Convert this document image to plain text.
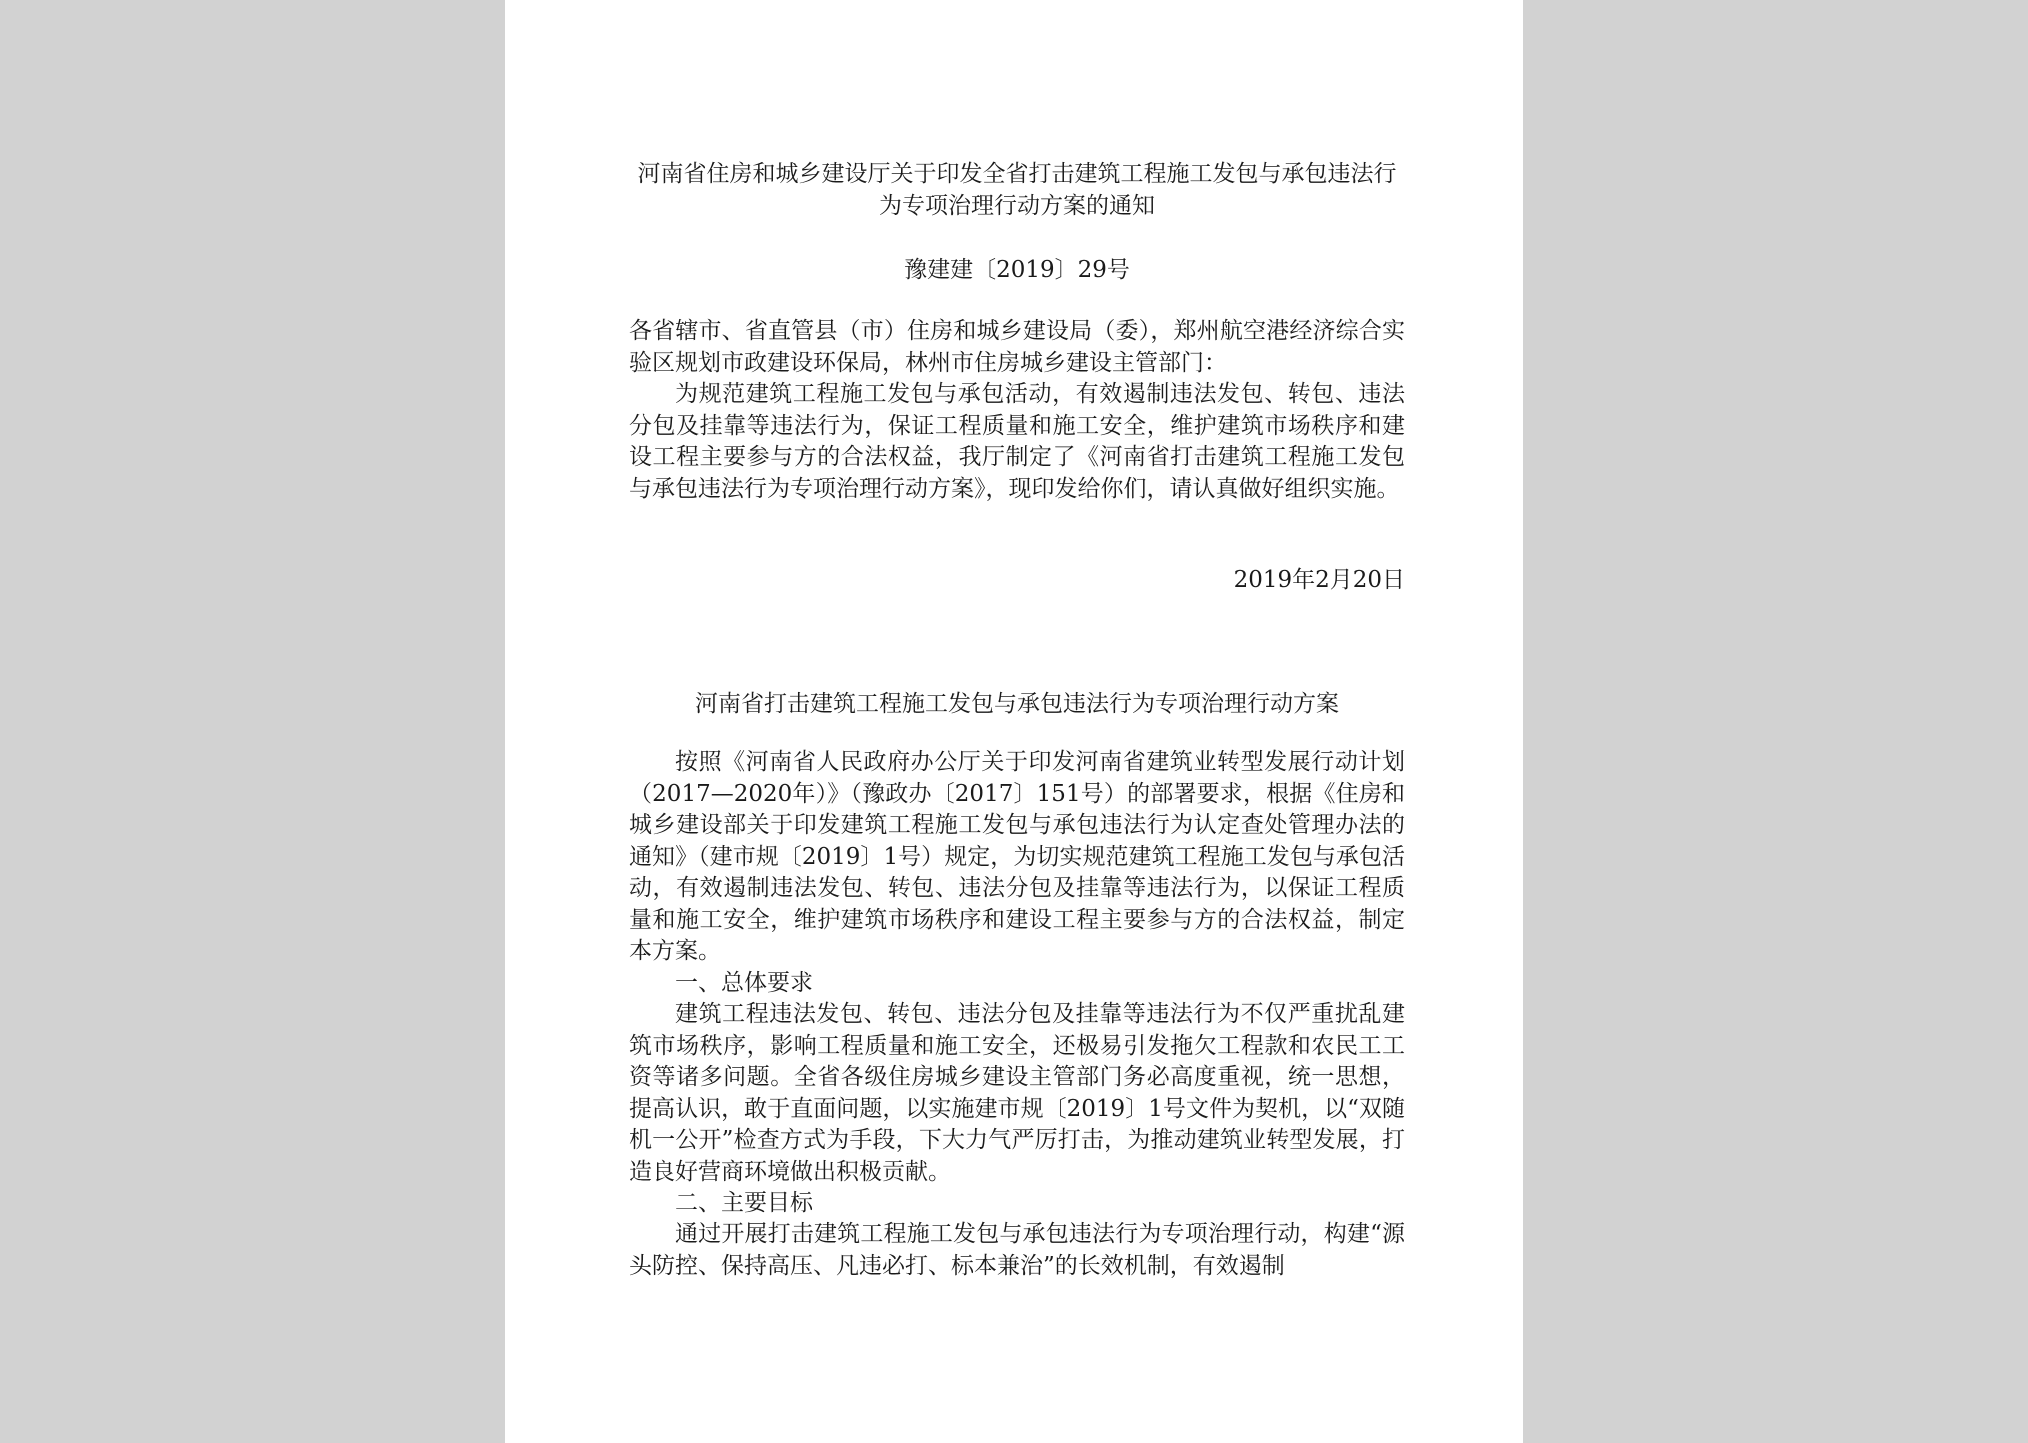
河南省住房和城乡建设厅关于印发全省打击建筑工程施工发包与承包违法行为专项治理行动方案的通知
豫建建〔2019〕29号

各省辖市、省直管县（市）住房和城乡建设局（委），郑州航空港经济综合实验区规划市政建设环保局，林州市住房城乡建设主管部门：

为规范建筑工程施工发包与承包活动，有效遏制违法发包、转包、违法分包及挂靠等违法行为，保证工程质量和施工安全，维护建筑市场秩序和建设工程主要参与方的合法权益，我厅制定了《河南省打击建筑工程施工发包与承包违法行为专项治理行动方案》，现印发给你们，请认真做好组织实施。

2019年2月20日
河南省打击建筑工程施工发包与承包违法行为专项治理行动方案

按照《河南省人民政府办公厅关于印发河南省建筑业转型发展行动计划（2017—2020年）》（豫政办〔2017〕151号）的部署要求，根据《住房和城乡建设部关于印发建筑工程施工发包与承包违法行为认定查处管理办法的通知》（建市规〔2019〕1号）规定，为切实规范建筑工程施工发包与承包活动，有效遏制违法发包、转包、违法分包及挂靠等违法行为，以保证工程质量和施工安全，维护建筑市场秩序和建设工程主要参与方的合法权益，制定本方案。

一、总体要求

建筑工程违法发包、转包、违法分包及挂靠等违法行为不仅严重扰乱建筑市场秩序，影响工程质量和施工安全，还极易引发拖欠工程款和农民工工资等诸多问题。全省各级住房城乡建设主管部门务必高度重视，统一思想，提高认识，敢于直面问题，以实施建市规〔2019〕1号文件为契机，以“双随机一公开”检查方式为手段，下大力气严厉打击，为推动建筑业转型发展，打造良好营商环境做出积极贡献。

二、主要目标

通过开展打击建筑工程施工发包与承包违法行为专项治理行动，构建“源头防控、保持高压、凡违必打、标本兼治”的长效机制，有效遏制
